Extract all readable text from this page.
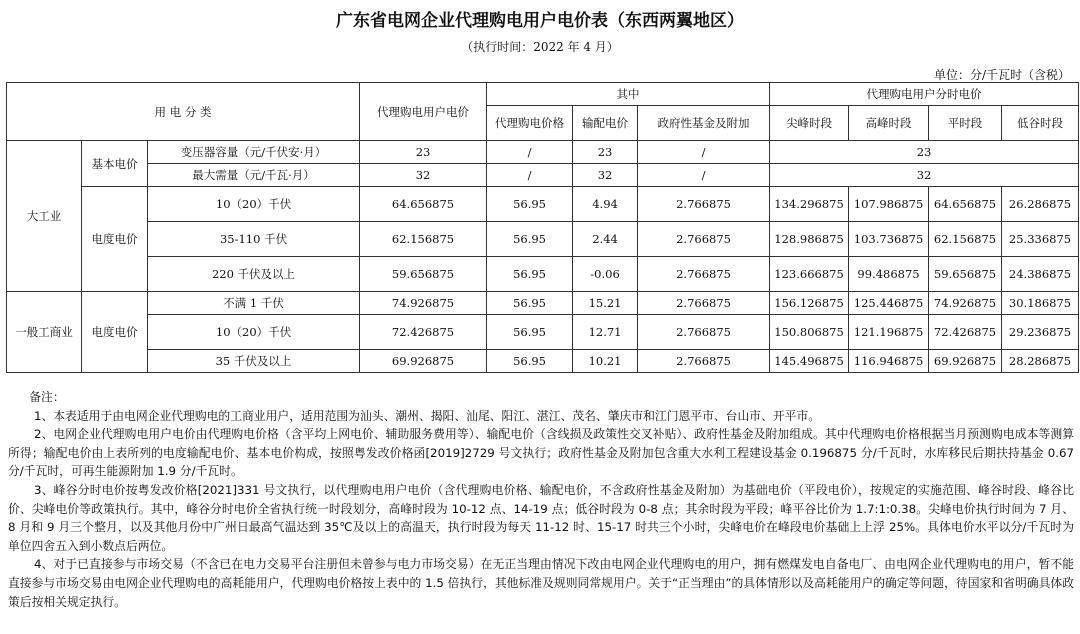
广东省电网企业代理购电用户电价表（东西两翼地区）
（执行时间：2022 年 4 月）
单位：分/千瓦时（含税）
用 电 分 类			代理购电用户电价	其中			代理购电用户分时电价			
				代理购电价格	输配电价	政府性基金及附加	尖峰时段	高峰时段	平时段	低谷时段
大工业	基本电价	变压器容量（元/千伏安·月）	23	/	23	/	23			
		最大需量（元/千瓦·月）	32	/	32	/	32			
	电度电价	10（20）千伏	64.656875	56.95	4.94	2.766875	134.296875	107.986875	64.656875	26.286875
		35-110 千伏	62.156875	56.95	2.44	2.766875	128.986875	103.736875	62.156875	25.336875
		220 千伏及以上	59.656875	56.95	-0.06	2.766875	123.666875	99.486875	59.656875	24.386875
一般工商业	电度电价	不满 1 千伏	74.926875	56.95	15.21	2.766875	156.126875	125.446875	74.926875	30.186875
		10（20）千伏	72.426875	56.95	12.71	2.766875	150.806875	121.196875	72.426875	29.236875
		35 千伏及以上	69.926875	56.95	10.21	2.766875	145.496875	116.946875	69.926875	28.286875

备注：

1、本表适用于由电网企业代理购电的工商业用户，适用范围为汕头、潮州、揭阳、汕尾、阳江、湛江、茂名、肇庆市和江门恩平市、台山市、开平市。

2、电网企业代理购电用户电价由代理购电价格（含平均上网电价、辅助服务费用等）、输配电价（含线损及政策性交叉补贴）、政府性基金及附加组成。其中代理购电价格根据当月预测购电成本等测算所得；输配电价由上表所列的电度输配电价、基本电价构成，按照粤发改价格函[2019]2729 号文执行；政府性基金及附加包含重大水利工程建设基金 0.196875 分/千瓦时，水库移民后期扶持基金 0.67 分/千瓦时，可再生能源附加 1.9 分/千瓦时。

3、峰谷分时电价按粤发改价格[2021]331 号文执行，以代理购电用户电价（含代理购电价格、输配电价，不含政府性基金及附加）为基础电价（平段电价），按规定的实施范围、峰谷时段、峰谷比价、尖峰电价等政策执行。其中，峰谷分时电价全省执行统一时段划分，高峰时段为 10-12 点、14-19 点；低谷时段为 0-8 点；其余时段为平段；峰平谷比价为 1.7:1:0.38。尖峰电价执行时间为 7 月、8 月和 9 月三个整月，以及其他月份中广州日最高气温达到 35℃及以上的高温天，执行时段为每天 11-12 时、15-17 时共三个小时，尖峰电价在峰段电价基础上上浮 25%。具体电价水平以分/千瓦时为单位四舍五入到小数点后两位。

4、对于已直接参与市场交易（不含已在电力交易平台注册但未曾参与电力市场交易）在无正当理由情况下改由电网企业代理购电的用户，拥有燃煤发电自备电厂、由电网企业代理购电的用户，暂不能直接参与市场交易由电网企业代理购电的高耗能用户，代理购电价格按上表中的 1.5 倍执行，其他标准及规则同常规用户。关于“正当理由”的具体情形以及高耗能用户的确定等问题，待国家和省明确具体政策后按相关规定执行。
